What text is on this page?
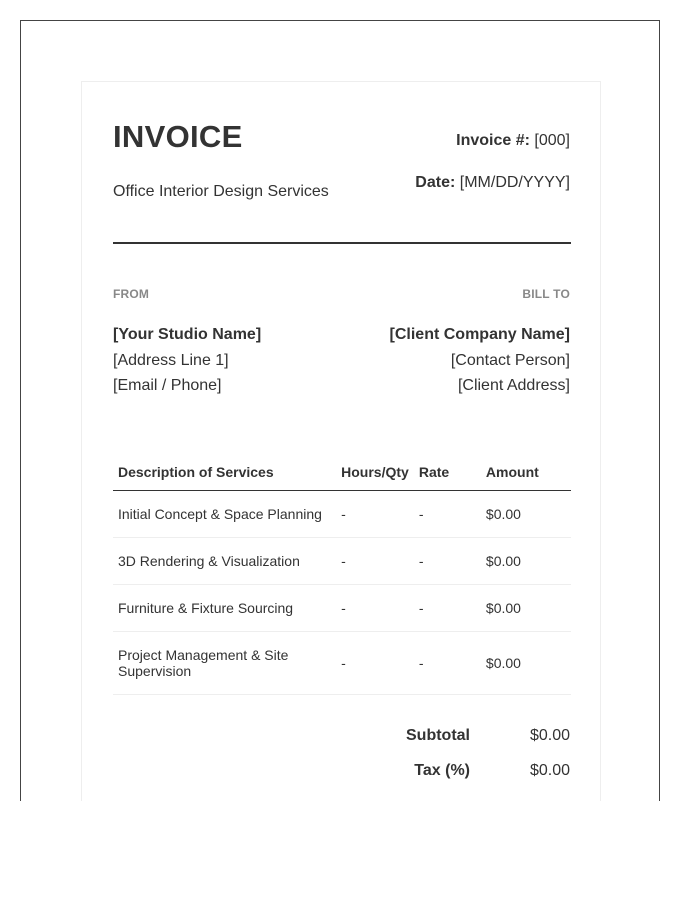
INVOICE
Office Interior Design Services
Invoice #: [000]
Date: [MM/DD/YYYY]
FROM	BILL TO
[Your Studio Name]
[Address Line 1]
[Email / Phone]
[Client Company Name]
[Contact Person]
[Client Address]
Description of Services	Hours/Qty	Rate	Amount
Initial Concept & Space Planning	-	-	$0.00
3D Rendering & Visualization	-	-	$0.00
Furniture & Fixture Sourcing	-	-	$0.00
Project Management & Site Supervision	-	-	$0.00
Subtotal	$0.00
Tax (%)	$0.00
